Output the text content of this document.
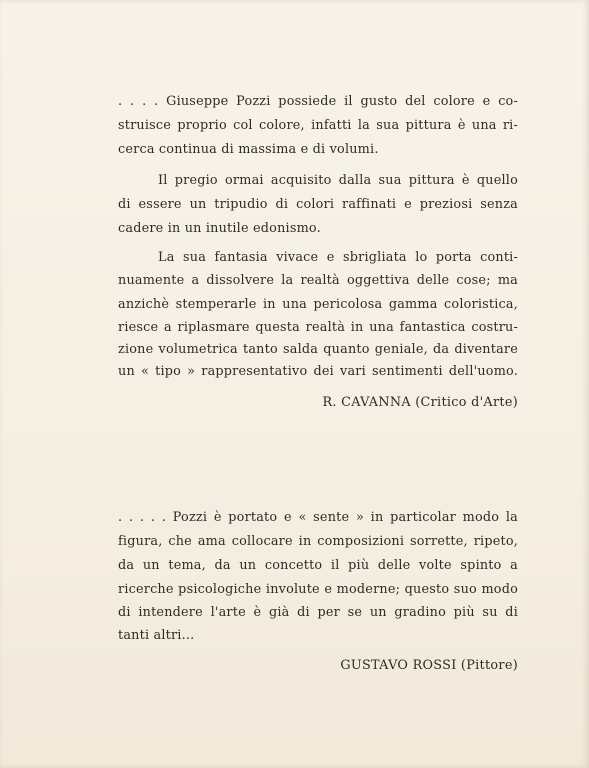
. . . . Giuseppe Pozzi possiede il gusto del colore e co-
struisce proprio col colore, infatti la sua pittura è una ri-
cerca continua di massima e di volumi.
Il pregio ormai acquisito dalla sua pittura è quello
di essere un tripudio di colori raffinati e preziosi senza
cadere in un inutile edonismo.
La sua fantasia vivace e sbrigliata lo porta conti-
nuamente a dissolvere la realtà oggettiva delle cose; ma
anzichè stemperarle in una pericolosa gamma coloristica,
riesce a riplasmare questa realtà in una fantastica costru-
zione volumetrica tanto salda quanto geniale, da diventare
un « tipo » rappresentativo dei vari sentimenti dell'uomo.
R. CAVANNA (Critico d'Arte)
. . . . . Pozzi è portato e « sente » in particolar modo la
figura, che ama collocare in composizioni sorrette, ripeto,
da un tema, da un concetto il più delle volte spinto a
ricerche psicologiche involute e moderne; questo suo modo
di intendere l'arte è già di per se un gradino più su di
tanti altri...
GUSTAVO ROSSI (Pittore)
